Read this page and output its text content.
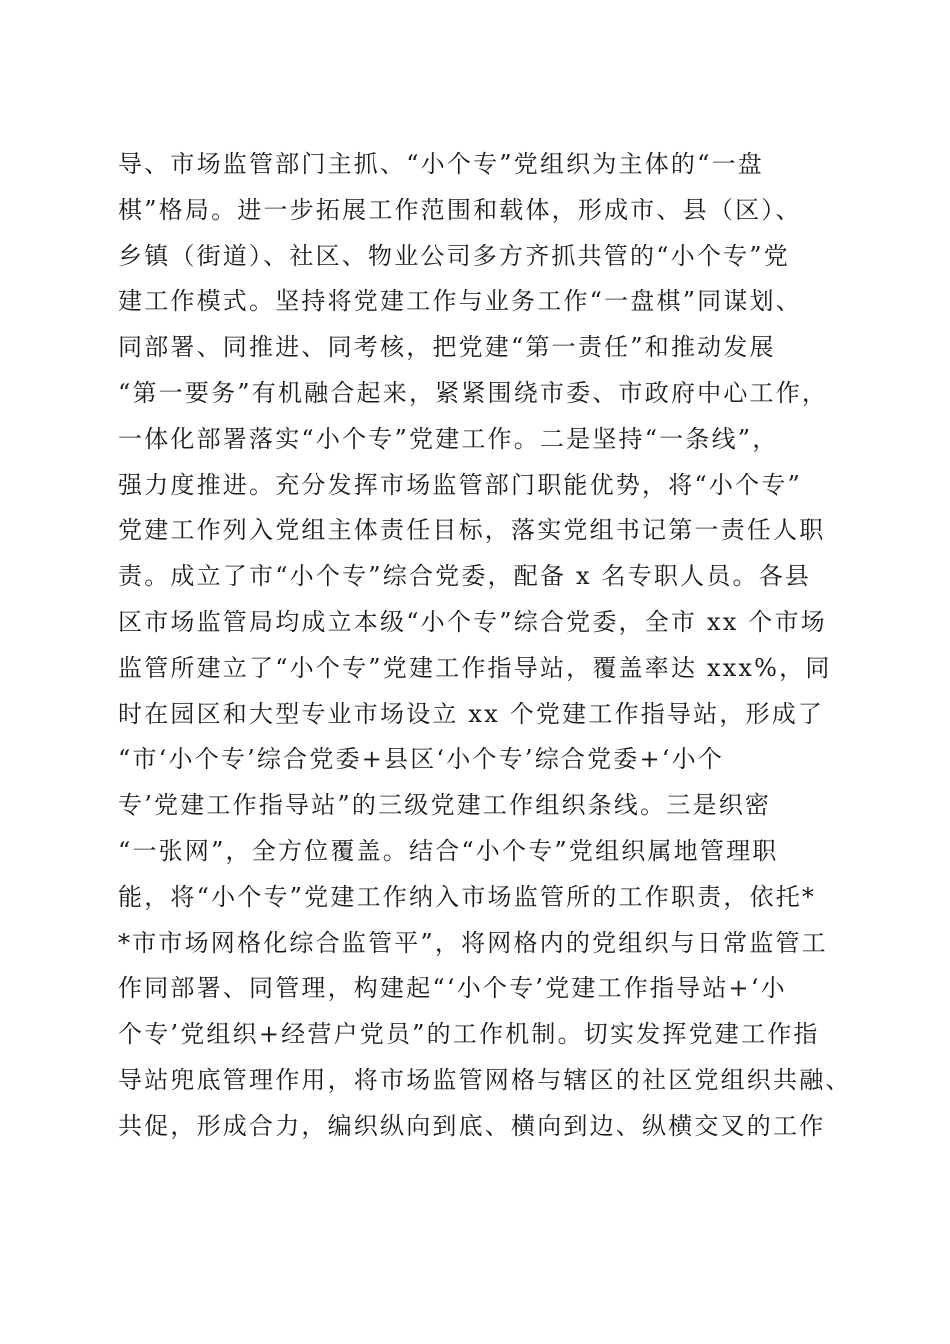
导、市场监管部门主抓、“小个专”党组织为主体的“一盘
棋”格局。进一步拓展工作范围和载体，形成市、县（区）、
乡镇（街道）、社区、物业公司多方齐抓共管的“小个专”党
建工作模式。坚持将党建工作与业务工作“一盘棋”同谋划、
同部署、同推进、同考核，把党建“第一责任”和推动发展
“第一要务”有机融合起来，紧紧围绕市委、市政府中心工作，
一体化部署落实“小个专”党建工作。二是坚持“一条线”，
强力度推进。充分发挥市场监管部门职能优势，将“小个专”
党建工作列入党组主体责任目标，落实党组书记第一责任人职
责。成立了市“小个专”综合党委，配备 x 名专职人员。各县
区市场监管局均成立本级“小个专”综合党委，全市 xx 个市场
监管所建立了“小个专”党建工作指导站，覆盖率达 xxx%，同
时在园区和大型专业市场设立 xx 个党建工作指导站，形成了
“市‘小个专’综合党委+县区‘小个专’综合党委+‘小个
专’党建工作指导站”的三级党建工作组织条线。三是织密
“一张网”，全方位覆盖。结合“小个专”党组织属地管理职
能，将“小个专”党建工作纳入市场监管所的工作职责，依托*
*市市场网格化综合监管平”，将网格内的党组织与日常监管工
作同部署、同管理，构建起“‘小个专’党建工作指导站+‘小
个专’党组织+经营户党员”的工作机制。切实发挥党建工作指
导站兜底管理作用，将市场监管网格与辖区的社区党组织共融、
共促，形成合力，编织纵向到底、横向到边、纵横交叉的工作
